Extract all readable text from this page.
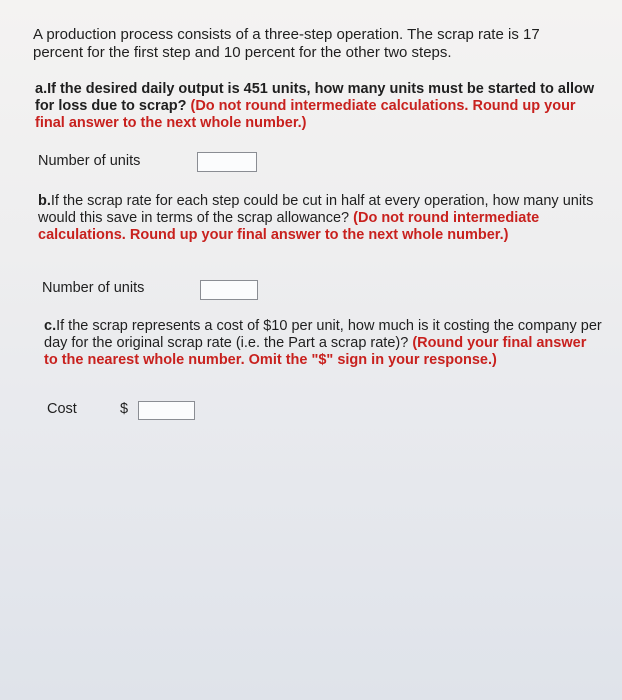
A production process consists of a three-step operation. The scrap rate is 17 percent for the first step and 10 percent for the other two steps.
a.If the desired daily output is 451 units, how many units must be started to allow for loss due to scrap? (Do not round intermediate calculations. Round up your final answer to the next whole number.)
Number of units
b.If the scrap rate for each step could be cut in half at every operation, how many units would this save in terms of the scrap allowance? (Do not round intermediate calculations. Round up your final answer to the next whole number.)
Number of units
c.If the scrap represents a cost of $10 per unit, how much is it costing the company per day for the original scrap rate (i.e. the Part a scrap rate)? (Round your final answer to the nearest whole number. Omit the "$" sign in your response.)
Cost	$
